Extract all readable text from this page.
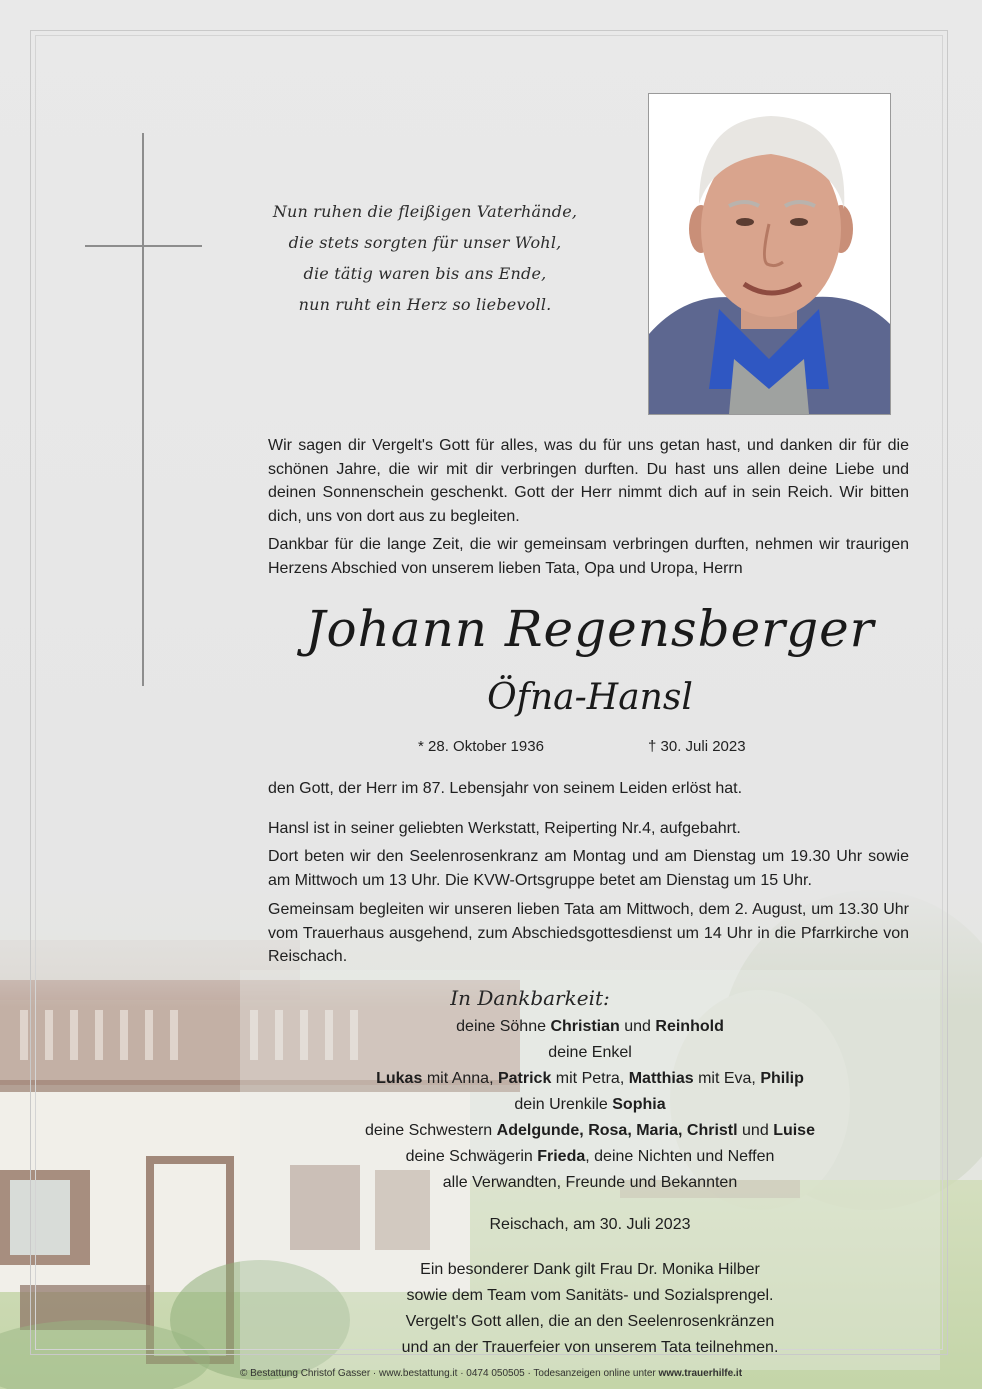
Nun ruhen die fleißigen Vaterhände,
die stets sorgten für unser Wohl,
die tätig waren bis ans Ende,
nun ruht ein Herz so liebevoll.
Wir sagen dir Vergelt's Gott für alles, was du für uns getan hast, und danken dir für die schönen Jahre, die wir mit dir verbringen durften. Du hast uns allen deine Liebe und deinen Sonnenschein geschenkt. Gott der Herr nimmt dich auf in sein Reich. Wir bitten dich, uns von dort aus zu begleiten.
Dankbar für die lange Zeit, die wir gemeinsam verbringen durften, nehmen wir traurigen Herzens Abschied von unserem lieben Tata, Opa und Uropa, Herrn
Johann Regensberger
Öfna-Hansl
* 28. Oktober 1936	† 30. Juli 2023
den Gott, der Herr im 87. Lebensjahr von seinem Leiden erlöst hat.
Hansl ist in seiner geliebten Werkstatt, Reiperting Nr.4, aufgebahrt.
Dort beten wir den Seelenrosenkranz am Montag und am Dienstag um 19.30 Uhr sowie am Mittwoch um 13 Uhr. Die KVW-Ortsgruppe betet am Dienstag um 15 Uhr.
Gemeinsam begleiten wir unseren lieben Tata am Mittwoch, dem 2. August, um 13.30 Uhr vom Trauerhaus ausgehend, zum Abschiedsgottesdienst um 14 Uhr in die Pfarrkirche von Reischach.
In Dankbarkeit:
deine Söhne Christian und Reinhold
deine Enkel
Lukas mit Anna, Patrick mit Petra, Matthias mit Eva, Philip
dein Urenkile Sophia
deine Schwestern Adelgunde, Rosa, Maria, Christl und Luise
deine Schwägerin Frieda, deine Nichten und Neffen
alle Verwandten, Freunde und Bekannten
Reischach, am 30. Juli 2023
Ein besonderer Dank gilt Frau Dr. Monika Hilber
sowie dem Team vom Sanitäts- und Sozialsprengel.
Vergelt's Gott allen, die an den Seelenrosenkränzen
und an der Trauerfeier von unserem Tata teilnehmen.
© Bestattung Christof Gasser · www.bestattung.it · 0474 050505 · Todesanzeigen online unter www.trauerhilfe.it
